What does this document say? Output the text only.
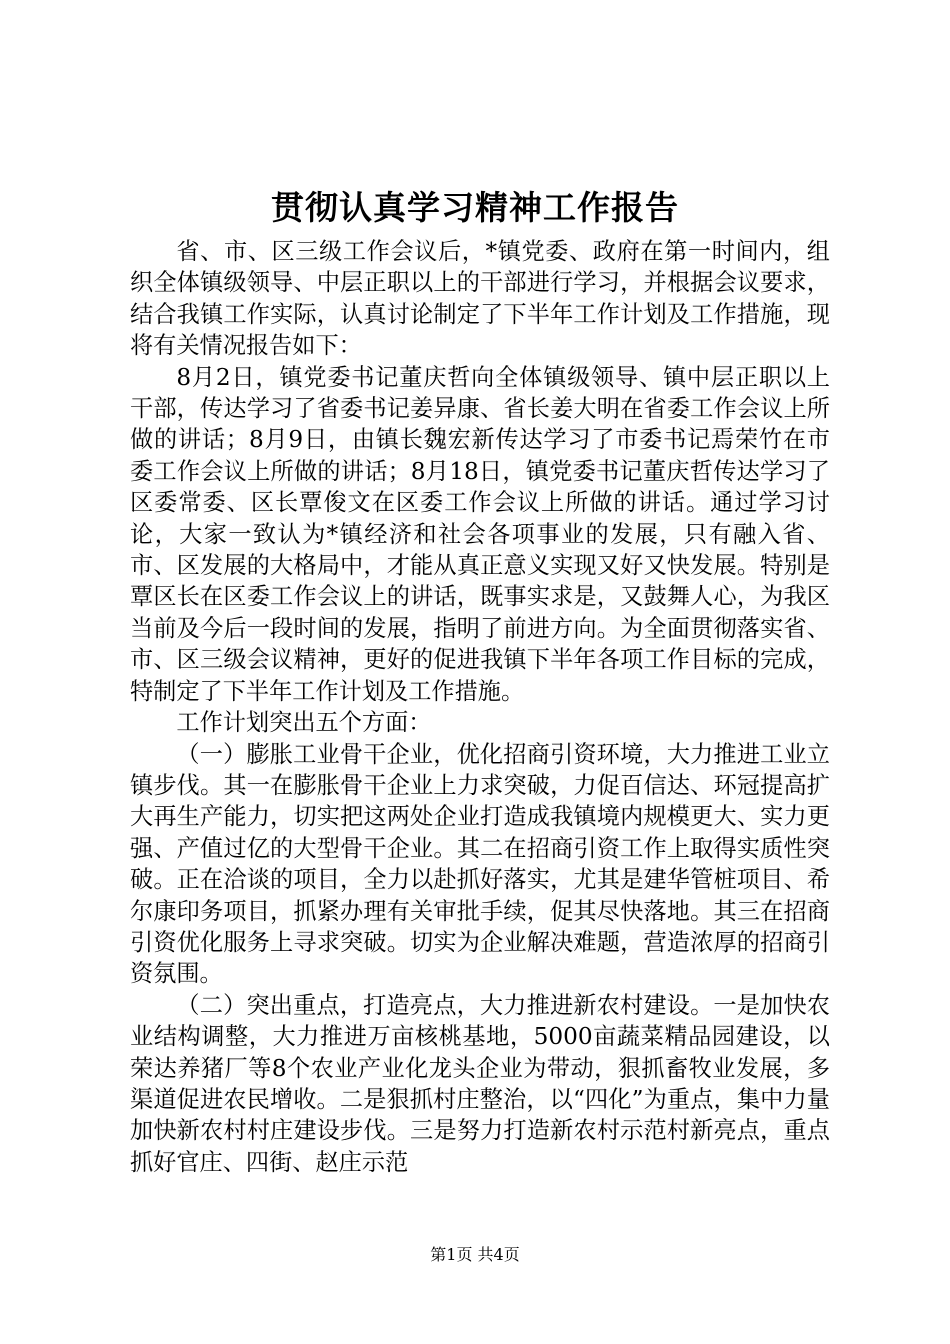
贯彻认真学习精神工作报告

省、市、区三级工作会议后，*镇党委、政府在第一时间内，组织全体镇级领导、中层正职以上的干部进行学习，并根据会议要求，结合我镇工作实际，认真讨论制定了下半年工作计划及工作措施，现将有关情况报告如下：

8月2日，镇党委书记董庆哲向全体镇级领导、镇中层正职以上干部，传达学习了省委书记姜异康、省长姜大明在省委工作会议上所做的讲话；8月9日，由镇长魏宏新传达学习了市委书记焉荣竹在市委工作会议上所做的讲话；8月18日，镇党委书记董庆哲传达学习了区委常委、区长覃俊文在区委工作会议上所做的讲话。通过学习讨论，大家一致认为*镇经济和社会各项事业的发展，只有融入省、市、区发展的大格局中，才能从真正意义实现又好又快发展。特别是覃区长在区委工作会议上的讲话，既事实求是，又鼓舞人心，为我区当前及今后一段时间的发展，指明了前进方向。为全面贯彻落实省、市、区三级会议精神，更好的促进我镇下半年各项工作目标的完成，特制定了下半年工作计划及工作措施。

工作计划突出五个方面：

（一）膨胀工业骨干企业，优化招商引资环境，大力推进工业立镇步伐。其一在膨胀骨干企业上力求突破，力促百信达、环冠提高扩大再生产能力，切实把这两处企业打造成我镇境内规模更大、实力更强、产值过亿的大型骨干企业。其二在招商引资工作上取得实质性突破。正在洽谈的项目，全力以赴抓好落实，尤其是建华管桩项目、希尔康印务项目，抓紧办理有关审批手续，促其尽快落地。其三在招商引资优化服务上寻求突破。切实为企业解决难题，营造浓厚的招商引资氛围。

（二）突出重点，打造亮点，大力推进新农村建设。一是加快农业结构调整，大力推进万亩核桃基地，5000亩蔬菜精品园建设，以荣达养猪厂等8个农业产业化龙头企业为带动，狠抓畜牧业发展，多渠道促进农民增收。二是狠抓村庄整治，以“四化”为重点，集中力量加快新农村村庄建设步伐。三是努力打造新农村示范村新亮点，重点抓好官庄、四街、赵庄示范

第1页 共4页
